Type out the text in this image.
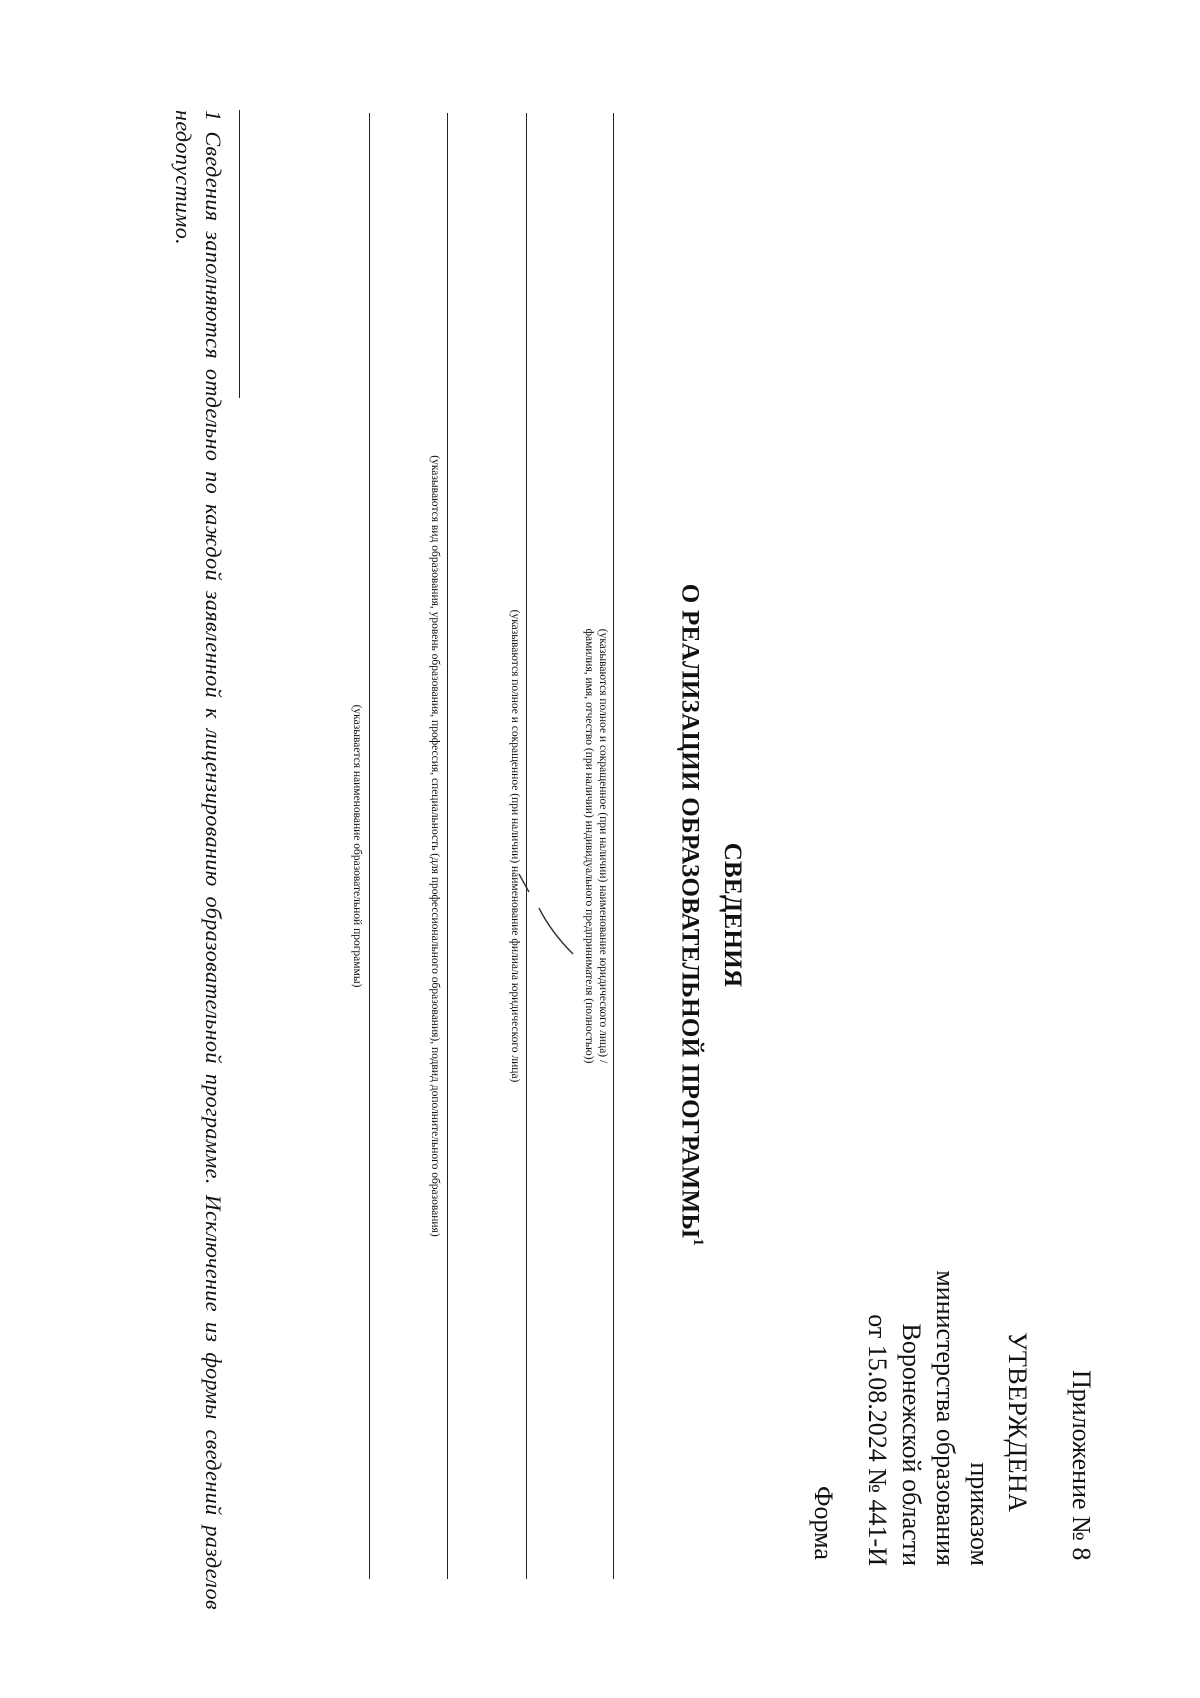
Приложение № 8
УТВЕРЖДЕНА
приказом
министерства образования
Воронежской области
от 15.08.2024 № 441-И
Форма
СВЕДЕНИЯ
О РЕАЛИЗАЦИИ ОБРАЗОВАТЕЛЬНОЙ ПРОГРАММЫ$^1$
(указываются полное и сокращенное (при наличии) наименование юридического лица) /
фамилия, имя, отчество (при наличии) индивидуального предпринимателя (полностью))
(указываются полное и сокращенное (при наличии) наименование филиала юридического лица)
(указываются вид образования, уровень образования, профессия, специальность (для профессионального образования), подвид дополнительного образования)
(указывается наименование образовательной программы)
1 Сведения заполняются отдельно по каждой заявленной к лицензированию образовательной программе. Исключение из формы сведений разделов недопустимо.
